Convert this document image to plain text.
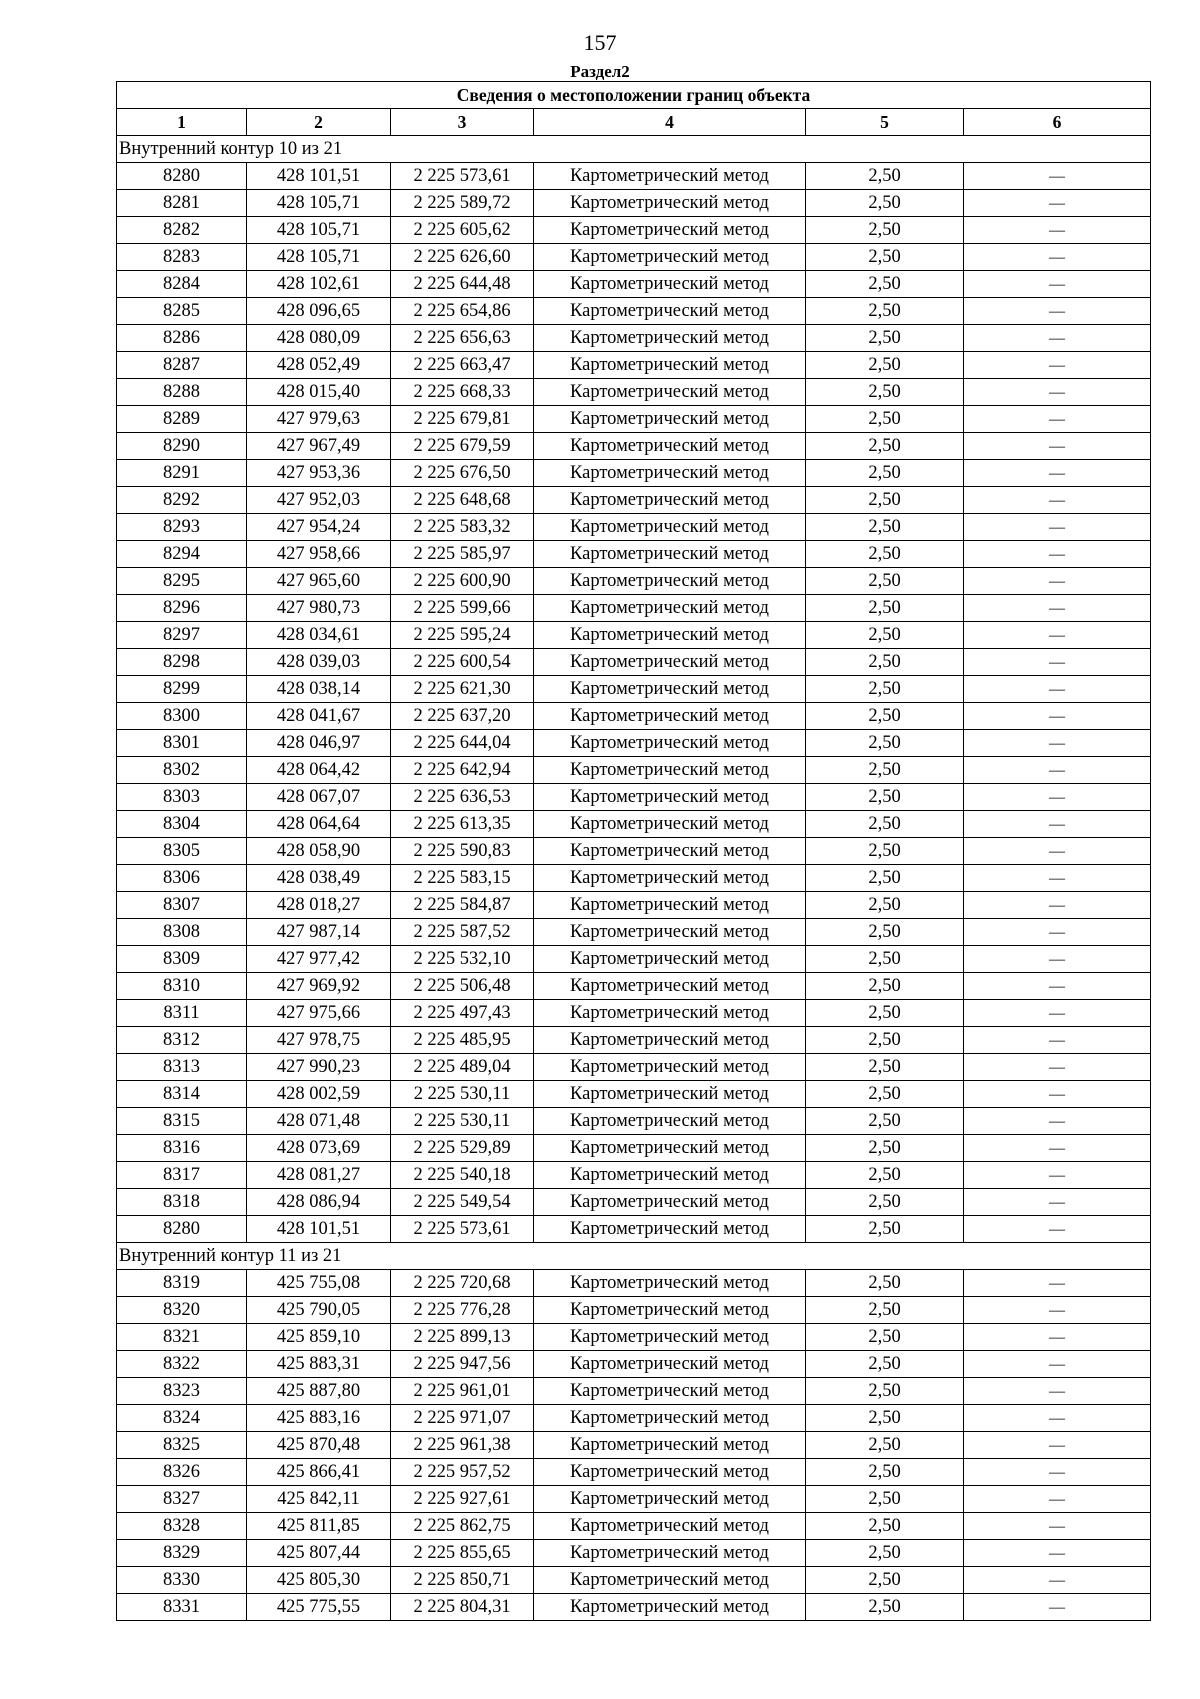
157
Раздел2
Сведения о местоположении границ объекта					
1	2	3	4	5	6
Внутренний контур 10 из 21					
8280	428 101,51	2 225 573,61	Картометрический метод	2,50	—
8281	428 105,71	2 225 589,72	Картометрический метод	2,50	—
8282	428 105,71	2 225 605,62	Картометрический метод	2,50	—
8283	428 105,71	2 225 626,60	Картометрический метод	2,50	—
8284	428 102,61	2 225 644,48	Картометрический метод	2,50	—
8285	428 096,65	2 225 654,86	Картометрический метод	2,50	—
8286	428 080,09	2 225 656,63	Картометрический метод	2,50	—
8287	428 052,49	2 225 663,47	Картометрический метод	2,50	—
8288	428 015,40	2 225 668,33	Картометрический метод	2,50	—
8289	427 979,63	2 225 679,81	Картометрический метод	2,50	—
8290	427 967,49	2 225 679,59	Картометрический метод	2,50	—
8291	427 953,36	2 225 676,50	Картометрический метод	2,50	—
8292	427 952,03	2 225 648,68	Картометрический метод	2,50	—
8293	427 954,24	2 225 583,32	Картометрический метод	2,50	—
8294	427 958,66	2 225 585,97	Картометрический метод	2,50	—
8295	427 965,60	2 225 600,90	Картометрический метод	2,50	—
8296	427 980,73	2 225 599,66	Картометрический метод	2,50	—
8297	428 034,61	2 225 595,24	Картометрический метод	2,50	—
8298	428 039,03	2 225 600,54	Картометрический метод	2,50	—
8299	428 038,14	2 225 621,30	Картометрический метод	2,50	—
8300	428 041,67	2 225 637,20	Картометрический метод	2,50	—
8301	428 046,97	2 225 644,04	Картометрический метод	2,50	—
8302	428 064,42	2 225 642,94	Картометрический метод	2,50	—
8303	428 067,07	2 225 636,53	Картометрический метод	2,50	—
8304	428 064,64	2 225 613,35	Картометрический метод	2,50	—
8305	428 058,90	2 225 590,83	Картометрический метод	2,50	—
8306	428 038,49	2 225 583,15	Картометрический метод	2,50	—
8307	428 018,27	2 225 584,87	Картометрический метод	2,50	—
8308	427 987,14	2 225 587,52	Картометрический метод	2,50	—
8309	427 977,42	2 225 532,10	Картометрический метод	2,50	—
8310	427 969,92	2 225 506,48	Картометрический метод	2,50	—
8311	427 975,66	2 225 497,43	Картометрический метод	2,50	—
8312	427 978,75	2 225 485,95	Картометрический метод	2,50	—
8313	427 990,23	2 225 489,04	Картометрический метод	2,50	—
8314	428 002,59	2 225 530,11	Картометрический метод	2,50	—
8315	428 071,48	2 225 530,11	Картометрический метод	2,50	—
8316	428 073,69	2 225 529,89	Картометрический метод	2,50	—
8317	428 081,27	2 225 540,18	Картометрический метод	2,50	—
8318	428 086,94	2 225 549,54	Картометрический метод	2,50	—
8280	428 101,51	2 225 573,61	Картометрический метод	2,50	—
Внутренний контур 11 из 21					
8319	425 755,08	2 225 720,68	Картометрический метод	2,50	—
8320	425 790,05	2 225 776,28	Картометрический метод	2,50	—
8321	425 859,10	2 225 899,13	Картометрический метод	2,50	—
8322	425 883,31	2 225 947,56	Картометрический метод	2,50	—
8323	425 887,80	2 225 961,01	Картометрический метод	2,50	—
8324	425 883,16	2 225 971,07	Картометрический метод	2,50	—
8325	425 870,48	2 225 961,38	Картометрический метод	2,50	—
8326	425 866,41	2 225 957,52	Картометрический метод	2,50	—
8327	425 842,11	2 225 927,61	Картометрический метод	2,50	—
8328	425 811,85	2 225 862,75	Картометрический метод	2,50	—
8329	425 807,44	2 225 855,65	Картометрический метод	2,50	—
8330	425 805,30	2 225 850,71	Картометрический метод	2,50	—
8331	425 775,55	2 225 804,31	Картометрический метод	2,50	—
